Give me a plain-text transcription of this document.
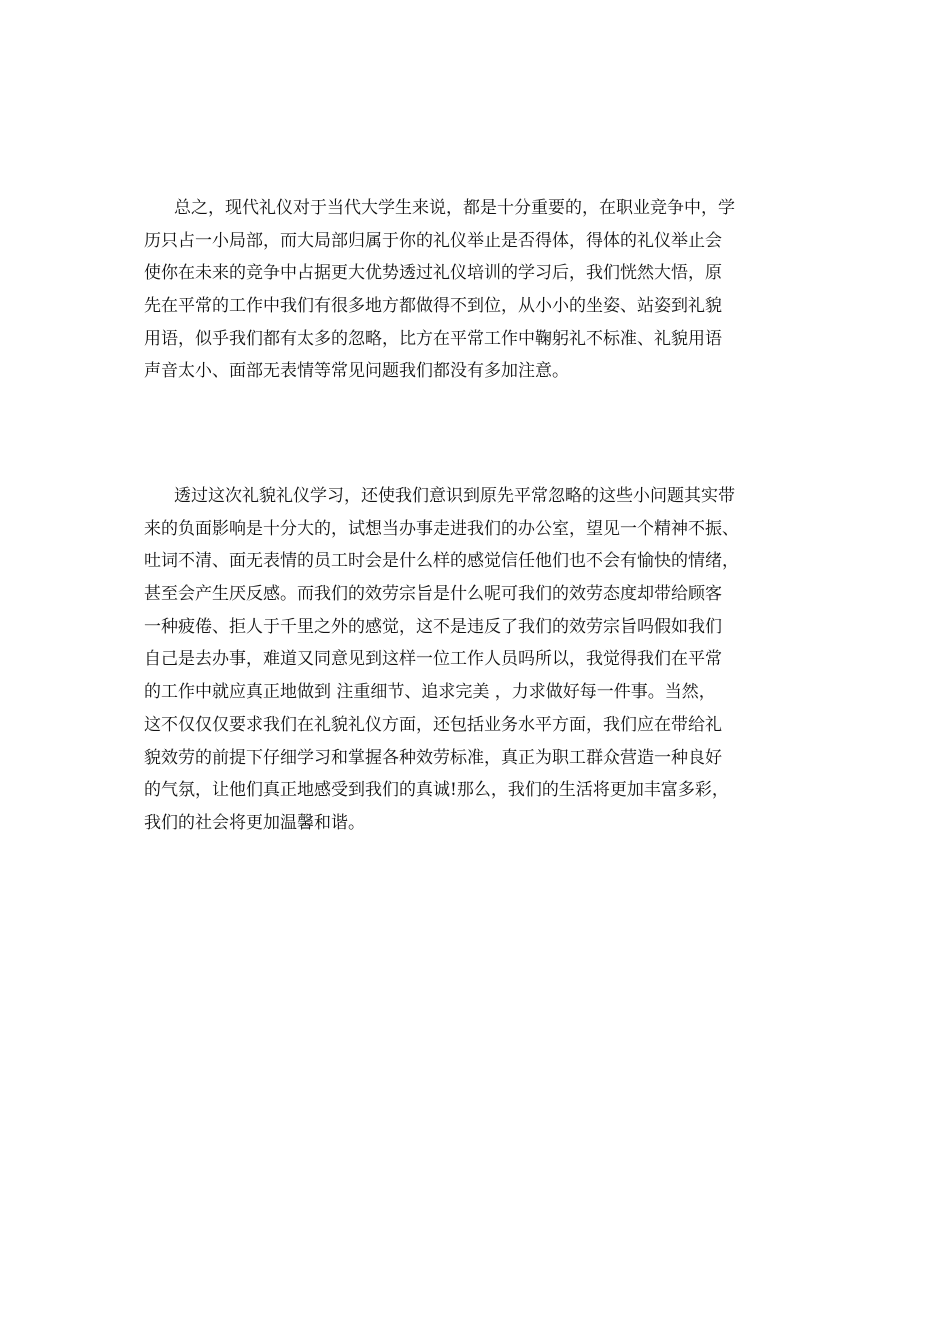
总之，现代礼仪对于当代大学生来说，都是十分重要的，在职业竞争中，学

历只占一小局部，而大局部归属于你的礼仪举止是否得体，得体的礼仪举止会

使你在未来的竞争中占据更大优势透过礼仪培训的学习后，我们恍然大悟，原

先在平常的工作中我们有很多地方都做得不到位，从小小的坐姿、站姿到礼貌

用语，似乎我们都有太多的忽略，比方在平常工作中鞠躬礼不标准、礼貌用语

声音太小、面部无表情等常见问题我们都没有多加注意。

透过这次礼貌礼仪学习，还使我们意识到原先平常忽略的这些小问题其实带

来的负面影响是十分大的，试想当办事走进我们的办公室，望见一个精神不振、

吐词不清、面无表情的员工时会是什么样的感觉信任他们也不会有愉快的情绪，

甚至会产生厌反感。而我们的效劳宗旨是什么呢可我们的效劳态度却带给顾客

一种疲倦、拒人于千里之外的感觉，这不是违反了我们的效劳宗旨吗假如我们

自己是去办事，难道又同意见到这样一位工作人员吗所以，我觉得我们在平常

的工作中就应真正地做到 注重细节、追求完美 ，力求做好每一件事。当然，

这不仅仅仅要求我们在礼貌礼仪方面，还包括业务水平方面，我们应在带给礼

貌效劳的前提下仔细学习和掌握各种效劳标准，真正为职工群众营造一种良好

的气氛，让他们真正地感受到我们的真诚!那么，我们的生活将更加丰富多彩，

我们的社会将更加温馨和谐。
